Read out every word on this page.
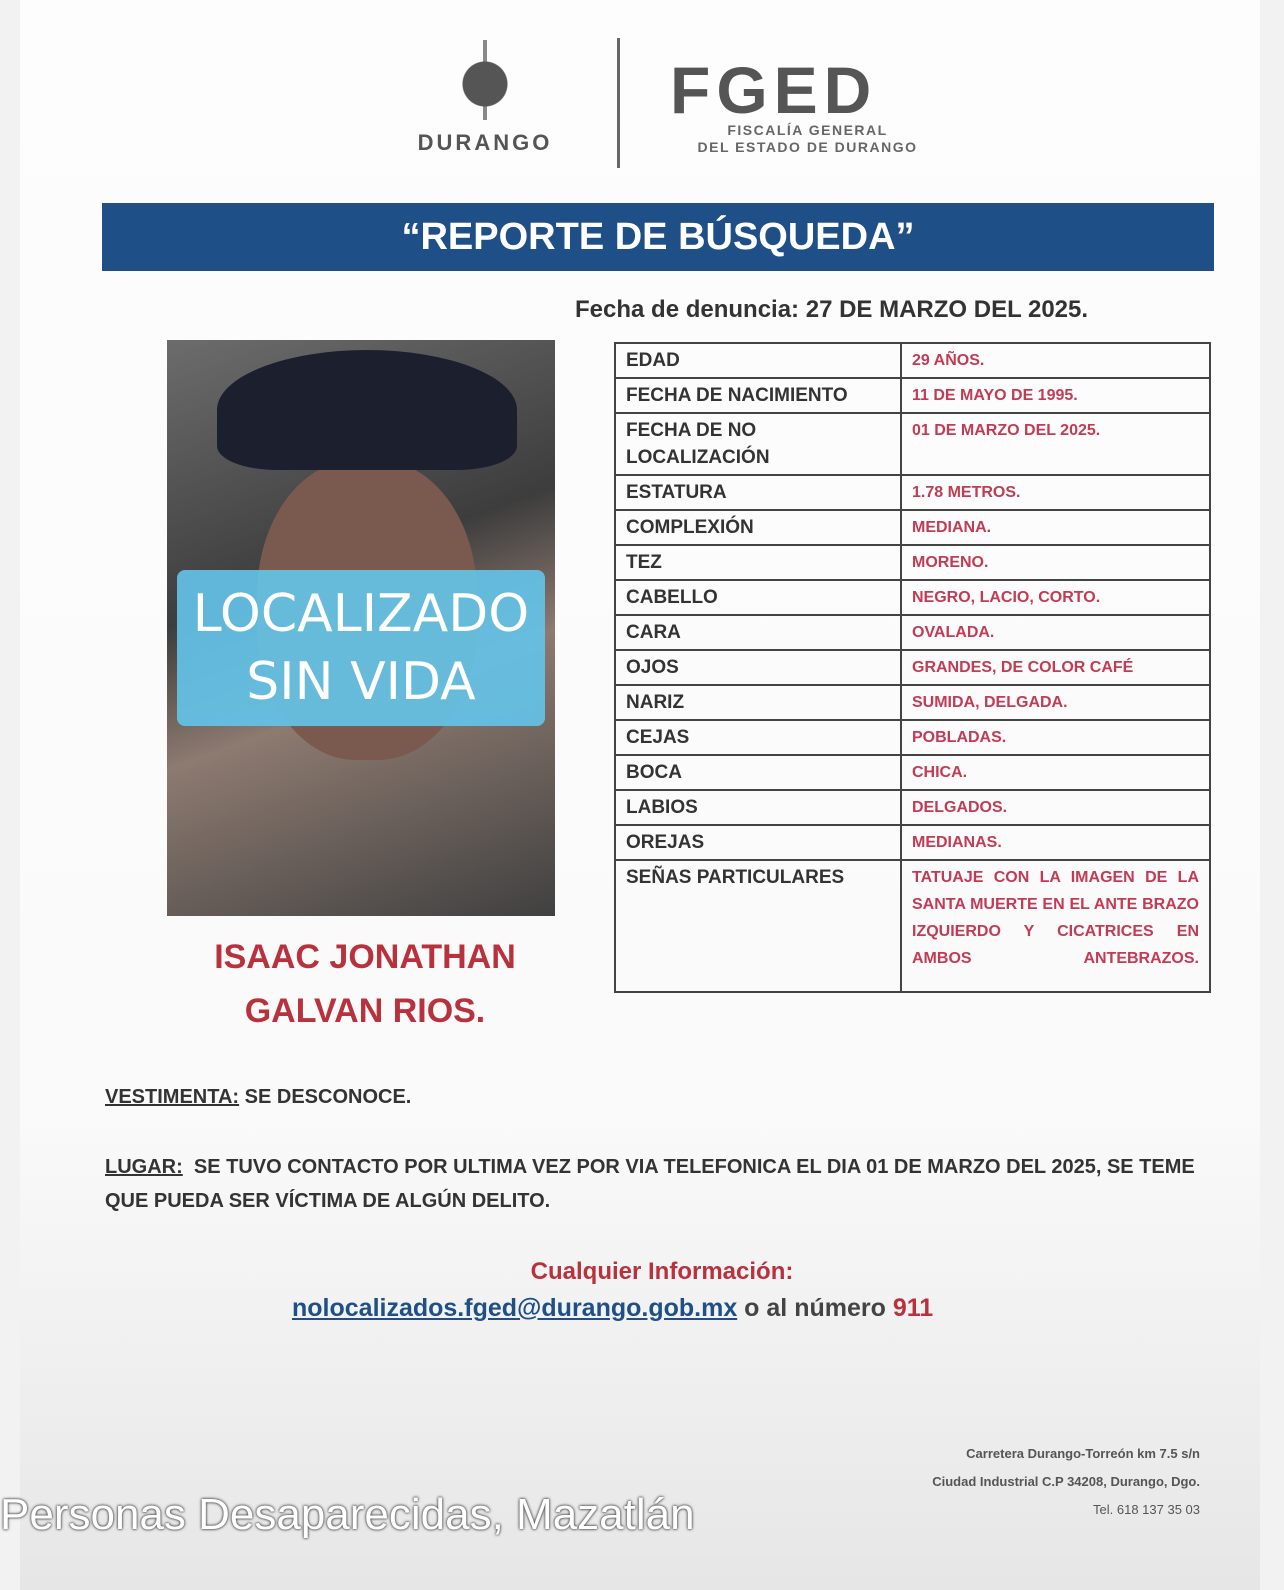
DURANGO
FGED
FISCALÍA GENERAL
DEL ESTADO DE DURANGO
“REPORTE DE BÚSQUEDA”
Fecha de denuncia: 27 DE MARZO DEL 2025.
LOCALIZADO SIN VIDA
ISAAC JONATHAN
GALVAN RIOS.
EDAD	29 AÑOS.
FECHA DE NACIMIENTO	11 DE MAYO DE 1995.
FECHA DE NO LOCALIZACIÓN	01 DE MARZO DEL 2025.
ESTATURA	1.78 METROS.
COMPLEXIÓN	MEDIANA.
TEZ	MORENO.
CABELLO	NEGRO, LACIO, CORTO.
CARA	OVALADA.
OJOS	GRANDES, DE COLOR CAFÉ
NARIZ	SUMIDA, DELGADA.
CEJAS	POBLADAS.
BOCA	CHICA.
LABIOS	DELGADOS.
OREJAS	MEDIANAS.
SEÑAS PARTICULARES	TATUAJE CON LA IMAGEN DE LA SANTA MUERTE EN EL ANTE BRAZO IZQUIERDO Y CICATRICES EN AMBOS ANTEBRAZOS.
VESTIMENTA: SE DESCONOCE.
LUGAR:  SE TUVO CONTACTO POR ULTIMA VEZ POR VIA TELEFONICA EL DIA 01 DE MARZO DEL 2025, SE TEME QUE PUEDA SER VÍCTIMA DE ALGÚN DELITO.
Cualquier Información:
nolocalizados.fged@durango.gob.mx o al número 911
Carretera Durango-Torreón km 7.5 s/n
Ciudad Industrial C.P 34208, Durango, Dgo.
Tel. 618 137 35 03
Personas Desaparecidas, Mazatlán
